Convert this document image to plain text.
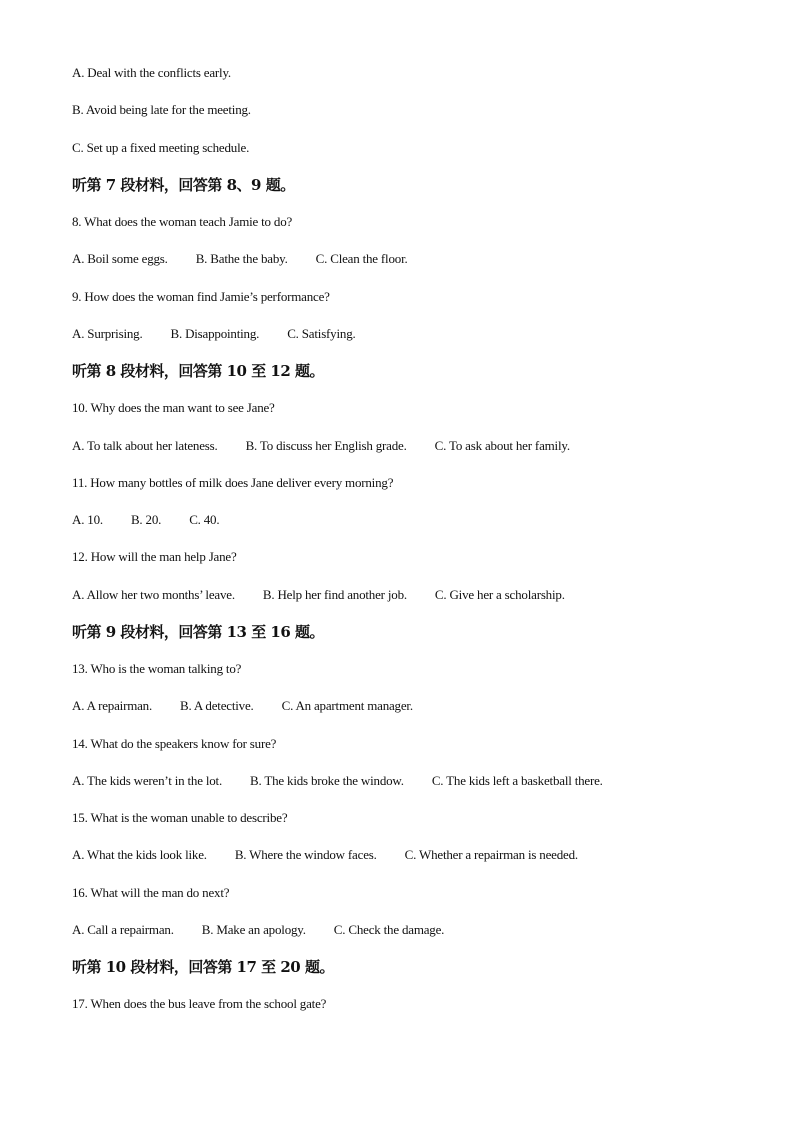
A. Deal with the conflicts early.
B. Avoid being late for the meeting.
C. Set up a fixed meeting schedule.
听第 7 段材料，回答第 8、9 题。
8. What does the woman teach Jamie to do?
A. Boil some eggs. B. Bathe the baby. C. Clean the floor.
9. How does the woman find Jamie’s performance?
A. Surprising. B. Disappointing. C. Satisfying.
听第 8 段材料，回答第 10 至 12 题。
10. Why does the man want to see Jane?
A. To talk about her lateness. B. To discuss her English grade. C. To ask about her family.
11. How many bottles of milk does Jane deliver every morning?
A. 10. B. 20. C. 40.
12. How will the man help Jane?
A. Allow her two months’ leave. B. Help her find another job. C. Give her a scholarship.
听第 9 段材料，回答第 13 至 16 题。
13. Who is the woman talking to?
A. A repairman. B. A detective. C. An apartment manager.
14. What do the speakers know for sure?
A. The kids weren’t in the lot. B. The kids broke the window. C. The kids left a basketball there.
15. What is the woman unable to describe?
A. What the kids look like. B. Where the window faces. C. Whether a repairman is needed.
16. What will the man do next?
A. Call a repairman. B. Make an apology. C. Check the damage.
听第 10 段材料，回答第 17 至 20 题。
17. When does the bus leave from the school gate?
